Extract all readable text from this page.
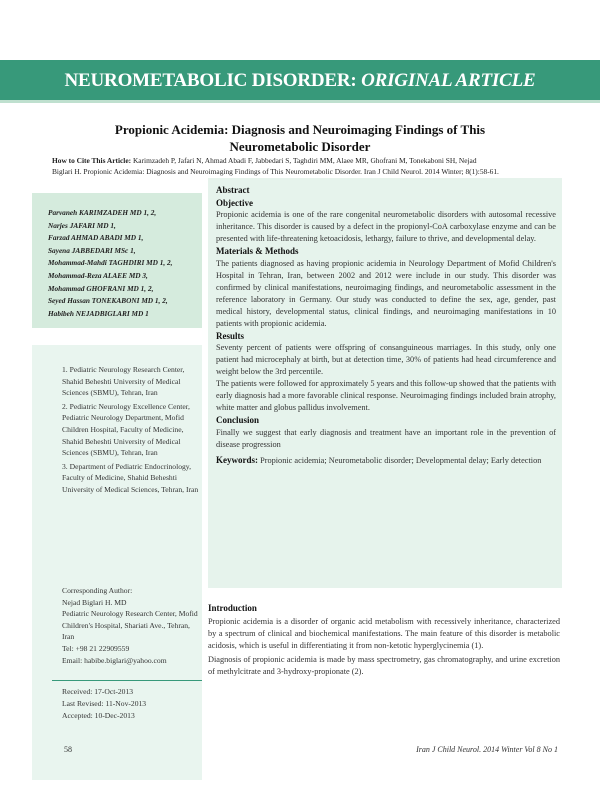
NEUROMETABOLIC DISORDER: ORIGINAL ARTICLE
Propionic Acidemia: Diagnosis and Neuroimaging Findings of This
Neurometabolic Disorder
How to Cite This Article: Karimzadeh P, Jafari N, Ahmad Abadi F, Jabbedari S, Taghdiri MM, Alaee MR, Ghofrani M, Tonekaboni SH, Nejad
Biglari H. Propionic Acidemia: Diagnosis and Neuroimaging Findings of This Neurometabolic Disorder. Iran J Child Neurol. 2014 Winter; 8(1):58-61.
Parvaneh KARIMZADEH MD 1, 2,
Narjes JAFARI MD 1,
Farzad AHMAD ABADI MD 1,
Sayena JABBEDARI MSc 1,
Mohammad-Mahdi TAGHDIRI MD 1, 2,
Mohammad-Reza ALAEE MD 3,
Mohammad GHOFRANI MD 1, 2,
Seyed Hassan TONEKABONI MD 1, 2,
Habibeh NEJADBIGLARI MD 1
1. Pediatric Neurology Research Center, Shahid Beheshti University of Medical Sciences (SBMU), Tehran, Iran
2. Pediatric Neurology Excellence Center, Pediatric Neurology Department, Mofid Children Hospital, Faculty of Medicine, Shahid Beheshti University of Medical Sciences (SBMU), Tehran, Iran
3. Department of Pediatric Endocrinology, Faculty of Medicine, Shahid Beheshti University of Medical Sciences, Tehran, Iran
Corresponding Author:
Nejad Biglari H. MD
Pediatric Neurology Research Center, Mofid Children's Hospital, Shariati Ave., Tehran, Iran
Tel: +98 21 22909559
Email: habibe.biglari@yahoo.com
Received: 17-Oct-2013
Last Revised: 11-Nov-2013
Accepted: 10-Dec-2013
Abstract
Objective

Propionic acidemia is one of the rare congenital neurometabolic disorders with autosomal recessive inheritance. This disorder is caused by a defect in the propionyl-CoA carboxylase enzyme and can be presented with life-threatening ketoacidosis, lethargy, failure to thrive, and developmental delay.

Materials & Methods

The patients diagnosed as having propionic acidemia in Neurology Department of Mofid Children's Hospital in Tehran, Iran, between 2002 and 2012 were include in our study. This disorder was confirmed by clinical manifestations, neuroimaging findings, and neurometabolic assessment in the reference laboratory in Germany. Our study was conducted to define the sex, age, gender, past medical history, developmental status, clinical findings, and neuroimaging manifestations in 10 patients with propionic acidemia.

Results

Seventy percent of patients were offspring of consanguineous marriages. In this study, only one patient had microcephaly at birth, but at detection time, 30% of patients had head circumference and weight below the 3rd percentile.

The patients were followed for approximately 5 years and this follow-up showed that the patients with early diagnosis had a more favorable clinical response. Neuroimaging findings included brain atrophy, white matter and globus pallidus involvement.

Conclusion

Finally we suggest that early diagnosis and treatment have an important role in the prevention of disease progression

Keywords: Propionic acidemia; Neurometabolic disorder; Developmental delay; Early detection

Introduction

Propionic acidemia is a disorder of organic acid metabolism with recessively inheritance, characterized by a spectrum of clinical and biochemical manifestations. The main feature of this disorder is metabolic acidosis, which is useful in differentiating it from non-ketotic hyperglycinemia (1).

Diagnosis of propionic acidemia is made by mass spectrometry, gas chromatography, and urine excretion of methylcitrate and 3-hydroxy-propionate (2).

58	Iran J Child Neurol. 2014 Winter Vol 8 No 1
